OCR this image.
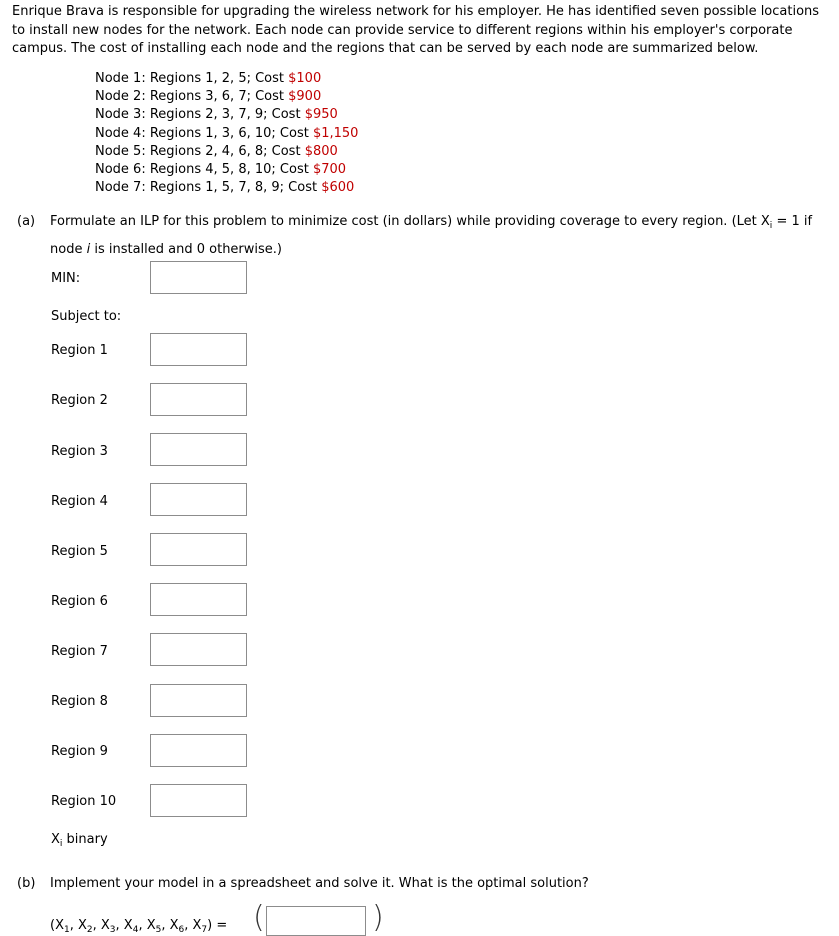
Enrique Brava is responsible for upgrading the wireless network for his employer. He has identified seven possible locations to install new nodes for the network. Each node can provide service to different regions within his employer's corporate campus. The cost of installing each node and the regions that can be served by each node are summarized below.
Node 1: Regions 1, 2, 5; Cost $100
Node 2: Regions 3, 6, 7; Cost $900
Node 3: Regions 2, 3, 7, 9; Cost $950
Node 4: Regions 1, 3, 6, 10; Cost $1,150
Node 5: Regions 2, 4, 6, 8; Cost $800
Node 6: Regions 4, 5, 8, 10; Cost $700
Node 7: Regions 1, 5, 7, 8, 9; Cost $600
(a) Formulate an ILP for this problem to minimize cost (in dollars) while providing coverage to every region. (Let $X_i = 1$ if
node i is installed and 0 otherwise.)
MIN:
Subject to:
Region 1
Region 2
Region 3
Region 4
Region 5
Region 6
Region 7
Region 8
Region 9
Region 10
$X_i$ binary
(b) Implement your model in a spreadsheet and solve it. What is the optimal solution?
($X_1$, $X_2$, $X_3$, $X_4$, $X_5$, $X_6$, $X_7$) = (	)
